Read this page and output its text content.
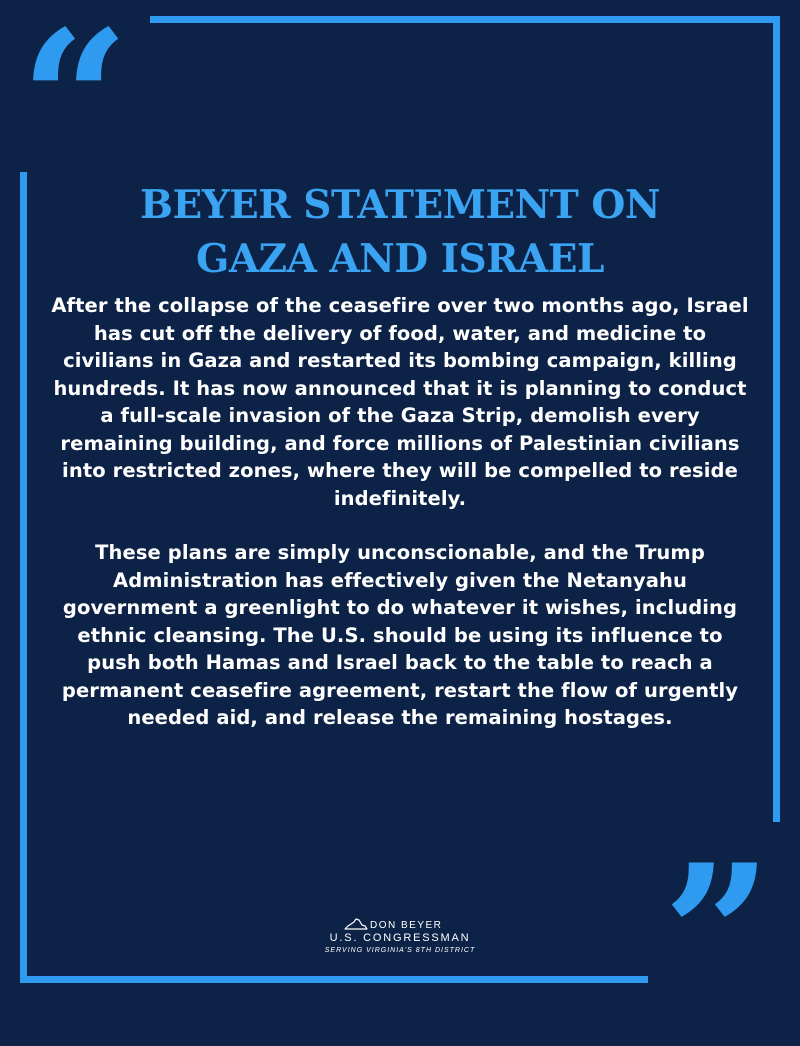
“ BEYER STATEMENT ON
GAZA AND ISRAEL

After the collapse of the ceasefire over two months ago, Israel has cut off the delivery of food, water, and medicine to civilians in Gaza and restarted its bombing campaign, killing hundreds. It has now announced that it is planning to conduct a full-scale invasion of the Gaza Strip, demolish every remaining building, and force millions of Palestinian civilians into restricted zones, where they will be compelled to reside indefinitely.

These plans are simply unconscionable, and the Trump Administration has effectively given the Netanyahu government a greenlight to do whatever it wishes, including ethnic cleansing. The U.S. should be using its influence to push both Hamas and Israel back to the table to reach a permanent ceasefire agreement, restart the flow of urgently needed aid, and release the remaining hostages.

”
DON BEYER
U.S. CONGRESSMAN
SERVING VIRGINIA'S 8TH DISTRICT
